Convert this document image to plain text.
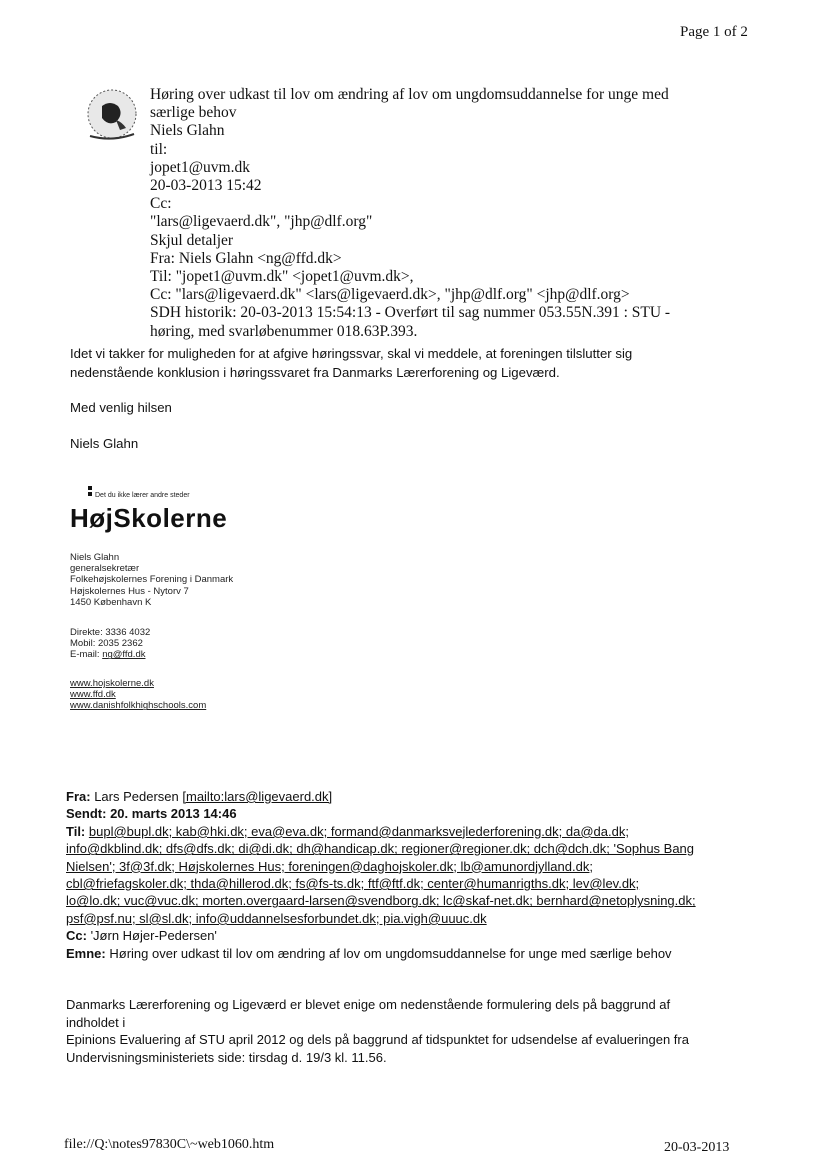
Page 1 of 2
Høring over udkast til lov om ændring af lov om ungdomsuddannelse for unge med
særlige behov
Niels Glahn
til:
jopet1@uvm.dk
20-03-2013 15:42
Cc:
"lars@ligevaerd.dk", "jhp@dlf.org"
Skjul detaljer
Fra: Niels Glahn <ng@ffd.dk>
Til: "jopet1@uvm.dk" <jopet1@uvm.dk>,
Cc: "lars@ligevaerd.dk" <lars@ligevaerd.dk>, "jhp@dlf.org" <jhp@dlf.org>
SDH historik: 20-03-2013 15:54:13 - Overført til sag nummer 053.55N.391 : STU -
høring, med svarløbenummer 018.63P.393.
Idet vi takker for muligheden for at afgive høringssvar, skal vi meddele, at foreningen tilslutter sig
nedenstående konklusion i høringssvaret fra Danmarks Lærerforening og Ligeværd.
Med venlig hilsen
Niels Glahn
Det du ikke lærer andre steder
HøjSkolerne
Niels Glahn
generalsekretær
Folkehøjskolernes Forening i Danmark
Højskolernes Hus - Nytorv 7
1450 København K
Direkte: 3336 4032
Mobil: 2035 2362
E-mail: ng@ffd.dk
www.hojskolerne.dk
www.ffd.dk
www.danishfolkhighschools.com
Fra: Lars Pedersen [mailto:lars@ligevaerd.dk]
Sendt: 20. marts 2013 14:46
Til: bupl@bupl.dk; kab@hki.dk; eva@eva.dk; formand@danmarksvejlederforening.dk; da@da.dk;
info@dkblind.dk; dfs@dfs.dk; di@di.dk; dh@handicap.dk; regioner@regioner.dk; dch@dch.dk; 'Sophus Bang
Nielsen'; 3f@3f.dk; Højskolernes Hus; foreningen@daghojskoler.dk; lb@amunordjylland.dk;
cbl@friefagskoler.dk; thda@hillerod.dk; fs@fs-ts.dk; ftf@ftf.dk; center@humanrigths.dk; lev@lev.dk;
lo@lo.dk; vuc@vuc.dk; morten.overgaard-larsen@svendborg.dk; lc@skaf-net.dk; bernhard@netoplysning.dk;
psf@psf.nu; sl@sl.dk; info@uddannelsesforbundet.dk; pia.vigh@uuuc.dk
Cc: 'Jørn Højer-Pedersen'
Emne: Høring over udkast til lov om ændring af lov om ungdomsuddannelse for unge med særlige behov
Danmarks Lærerforening og Ligeværd er blevet enige om nedenstående formulering dels på baggrund af
indholdet i
Epinions Evaluering af STU april 2012 og dels på baggrund af tidspunktet for udsendelse af evalueringen fra
Undervisningsministeriets side: tirsdag d. 19/3 kl. 11.56.
file://Q:\notes97830C\~web1060.htm	20-03-2013
